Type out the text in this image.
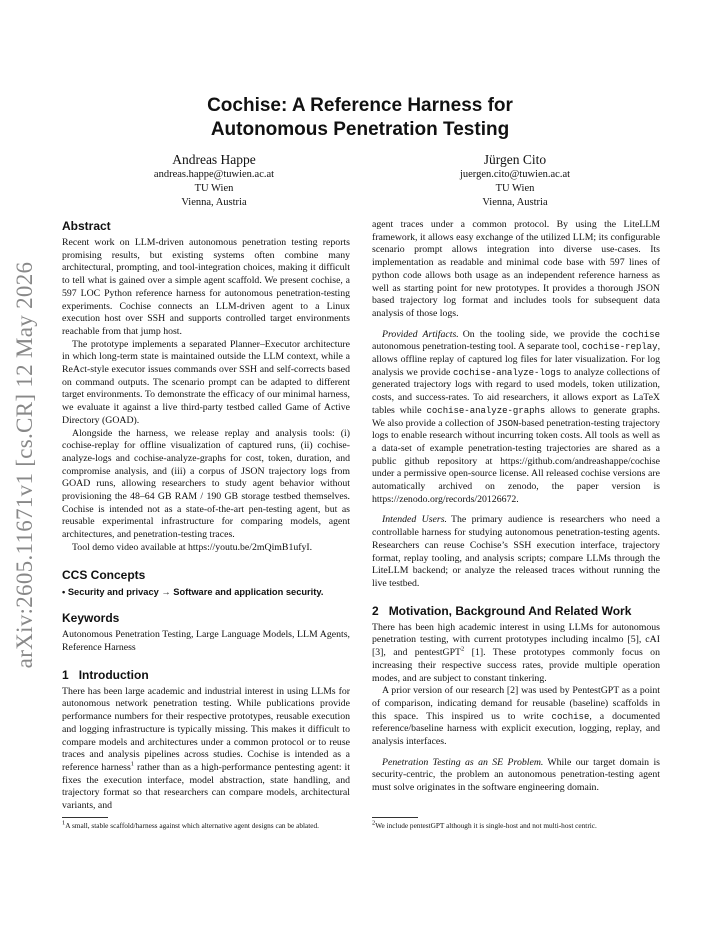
arXiv:2605.11671v1 [cs.CR] 12 May 2026
Cochise: A Reference Harness for
Autonomous Penetration Testing
Andreas Happe
andreas.happe@tuwien.ac.at
TU Wien
Vienna, Austria
Jürgen Cito
juergen.cito@tuwien.ac.at
TU Wien
Vienna, Austria
Abstract

Recent work on LLM-driven autonomous penetration testing reports promising results, but existing systems often combine many architectural, prompting, and tool-integration choices, making it difficult to tell what is gained over a simple agent scaffold. We present cochise, a 597 LOC Python reference harness for autonomous penetration-testing experiments. Cochise connects an LLM-driven agent to a Linux execution host over SSH and supports controlled target environments reachable from that jump host.

The prototype implements a separated Planner–Executor architecture in which long-term state is maintained outside the LLM context, while a ReAct-style executor issues commands over SSH and self-corrects based on command outputs. The scenario prompt can be adapted to different target environments. To demonstrate the efficacy of our minimal harness, we evaluate it against a live third-party testbed called Game of Active Directory (GOAD).

Alongside the harness, we release replay and analysis tools: (i) cochise-replay for offline visualization of captured runs, (ii) cochise-analyze-logs and cochise-analyze-graphs for cost, token, duration, and compromise analysis, and (iii) a corpus of JSON trajectory logs from GOAD runs, allowing researchers to study agent behavior without provisioning the 48–64 GB RAM / 190 GB storage testbed themselves. Cochise is intended not as a state-of-the-art pen-testing agent, but as reusable experimental infrastructure for comparing models, agent architectures, and penetration-testing traces.

Tool demo video available at https://youtu.be/2mQimB1ufyI.

CCS Concepts

• Security and privacy → Software and application security.

Keywords

Autonomous Penetration Testing, Large Language Models, LLM Agents, Reference Harness

1 Introduction

There has been large academic and industrial interest in using LLMs for autonomous network penetration testing. While publications provide performance numbers for their respective prototypes, reusable execution and logging infrastructure is typically missing. This makes it difficult to compare models and architectures under a common protocol or to reuse traces and analysis pipelines across studies. Cochise is intended as a reference harness$^1$ rather than as a high-performance pentesting agent: it fixes the execution interface, model abstraction, state handling, and trajectory format so that researchers can compare models, architectural variants, and

agent traces under a common protocol. By using the LiteLLM framework, it allows easy exchange of the utilized LLM; its configurable scenario prompt allows integration into diverse use-cases. Its implementation as readable and minimal code base with 597 lines of python code allows both usage as an independent reference harness as well as starting point for new prototypes. It provides a thorough JSON based trajectory log format and includes tools for subsequent data analysis of those logs.

Provided Artifacts. On the tooling side, we provide the cochise autonomous penetration-testing tool. A separate tool, cochise-replay, allows offline replay of captured log files for later visualization. For log analysis we provide cochise-analyze-logs to analyze collections of generated trajectory logs with regard to used models, token utilization, costs, and success-rates. To aid researchers, it allows export as LaTeX tables while cochise-analyze-graphs allows to generate graphs. We also provide a collection of JSON-based penetration-testing trajectory logs to enable research without incurring token costs. All tools as well as a data-set of example penetration-testing trajectories are shared as a public github repository at https://github.com/andreashappe/cochise under a permissive open-source license. All released cochise versions are automatically archived on zenodo, the paper version is https://zenodo.org/records/20126672.

Intended Users. The primary audience is researchers who need a controllable harness for studying autonomous penetration-testing agents. Researchers can reuse Cochise’s SSH execution interface, trajectory format, replay tooling, and analysis scripts; compare LLMs through the LiteLLM backend; or analyze the released traces without running the live testbed.

2 Motivation, Background And Related Work

There has been high academic interest in using LLMs for autonomous penetration testing, with current prototypes including incalmo [5], cAI [3], and pentestGPT$^2$ [1]. These prototypes commonly focus on increasing their respective success rates, provide multiple operation modes, and are subject to constant tinkering.

A prior version of our research [2] was used by PentestGPT as a point of comparison, indicating demand for reusable (baseline) scaffolds in this space. This inspired us to write cochise, a documented reference/baseline harness with explicit execution, logging, replay, and analysis interfaces.

Penetration Testing as an SE Problem. While our target domain is security-centric, the problem an autonomous penetration-testing agent must solve originates in the software engineering domain.

$^1$A small, stable scaffold/harness against which alternative agent designs can be ablated.	$^2$We include pentestGPT although it is single-host and not multi-host centric.
